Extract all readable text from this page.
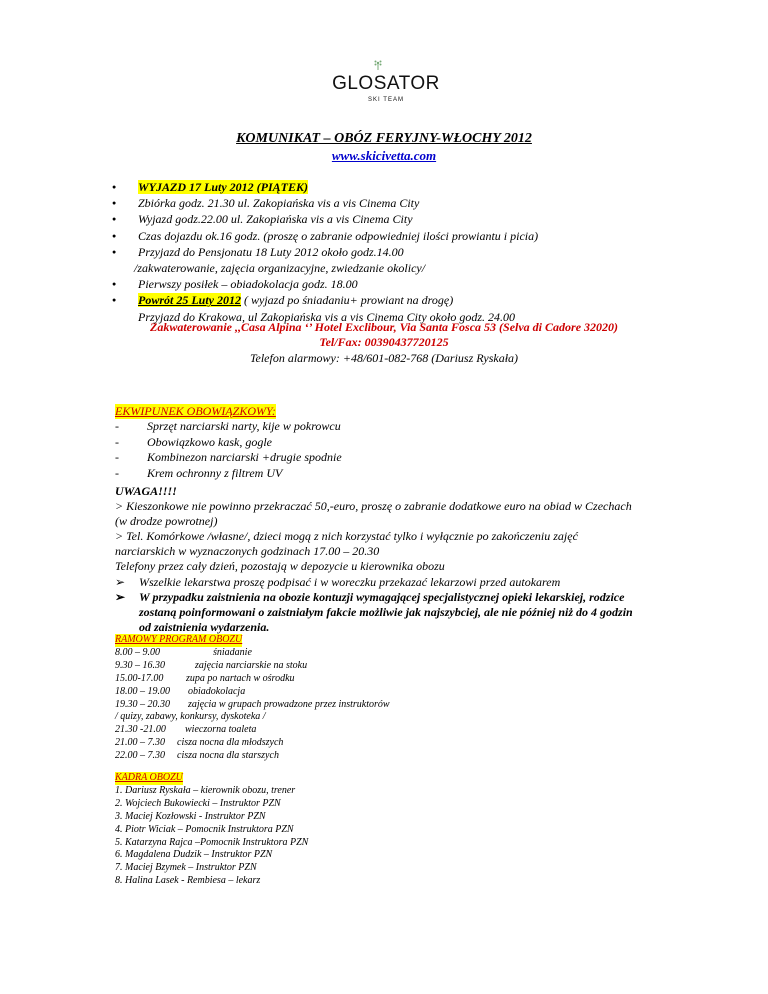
GLOSATOR
SKI TEAM
KOMUNIKAT – OBÓZ FERYJNY-WŁOCHY 2012
www.skicivetta.com
● WYJAZD 17 Luty 2012 (PIĄTEK)
● Zbiórka godz. 21.30 ul. Zakopiańska vis a vis Cinema City
● Wyjazd godz.22.00 ul. Zakopiańska vis a vis Cinema City
● Czas dojazdu ok.16 godz. (proszę o zabranie odpowiedniej ilości prowiantu i picia)
● Przyjazd do Pensjonatu 18 Luty 2012 około godz.14.00
/zakwaterowanie, zajęcia organizacyjne, zwiedzanie okolicy/
● Pierwszy posiłek – obiadokolacja godz. 18.00
● Powrót 25 Luty 2012 ( wyjazd po śniadaniu+ prowiant na drogę)
Przyjazd do Krakowa, ul Zakopiańska vis a vis Cinema City około godz. 24.00
Zakwaterowanie ,,Casa Alpina ‘’ Hotel Exclibour, Via Santa Fosca 53 (Selva di Cadore 32020)
Tel/Fax: 00390437720125
Telefon alarmowy: +48/601-082-768 (Dariusz Ryskała)
EKWIPUNEK OBOWIĄZKOWY:
- Sprzęt narciarski narty, kije w pokrowcu
- Obowiązkowo kask, gogle
- Kombinezon narciarski +drugie spodnie
- Krem ochronny z filtrem UV
UWAGA!!!!
> Kieszonkowe nie powinno przekraczać 50,-euro, proszę o zabranie dodatkowe euro na obiad w Czechach
(w drodze powrotnej)
> Tel. Komórkowe /własne/, dzieci mogą z nich korzystać tylko i wyłącznie po zakończeniu zajęć
narciarskich w wyznaczonych godzinach 17.00 – 20.30
Telefony przez cały dzień, pozostają w depozycie u kierownika obozu
➢ Wszelkie lekarstwa proszę podpisać i w woreczku przekazać lekarzowi przed autokarem
➢ W przypadku zaistnienia na obozie kontuzji wymagającej specjalistycznej opieki lekarskiej, rodzice
zostaną poinformowani o zaistniałym fakcie możliwie jak najszybciej, ale nie później niż do 4 godzin
od zaistnienia wydarzenia.
RAMOWY PROGRAM OBOZU
8.00 – 9.00	śniadanie
9.30 – 16.30	zajęcia narciarskie na stoku
15.00-17.00 zupa po nartach w ośrodku
18.00 – 19.00 obiadokolacja
19.30 – 20.30 zajęcia w grupach prowadzone przez instruktorów
/ quizy, zabawy, konkursy, dyskoteka /
21.30 -21.00 wieczorna toaleta
21.00 – 7.30 cisza nocna dla młodszych
22.00 – 7.30 cisza nocna dla starszych
KADRA OBOZU
1. Dariusz Ryskała – kierownik obozu, trener
2. Wojciech Bukowiecki – Instruktor PZN
3. Maciej Kozłowski - Instruktor PZN
4. Piotr Wiciak – Pomocnik Instruktora PZN
5. Katarzyna Rajca –Pomocnik Instruktora PZN
6. Magdalena Dudzik – Instruktor PZN
7. Maciej Bzymek – Instruktor PZN
8. Halina Lasek - Rembiesa – lekarz
